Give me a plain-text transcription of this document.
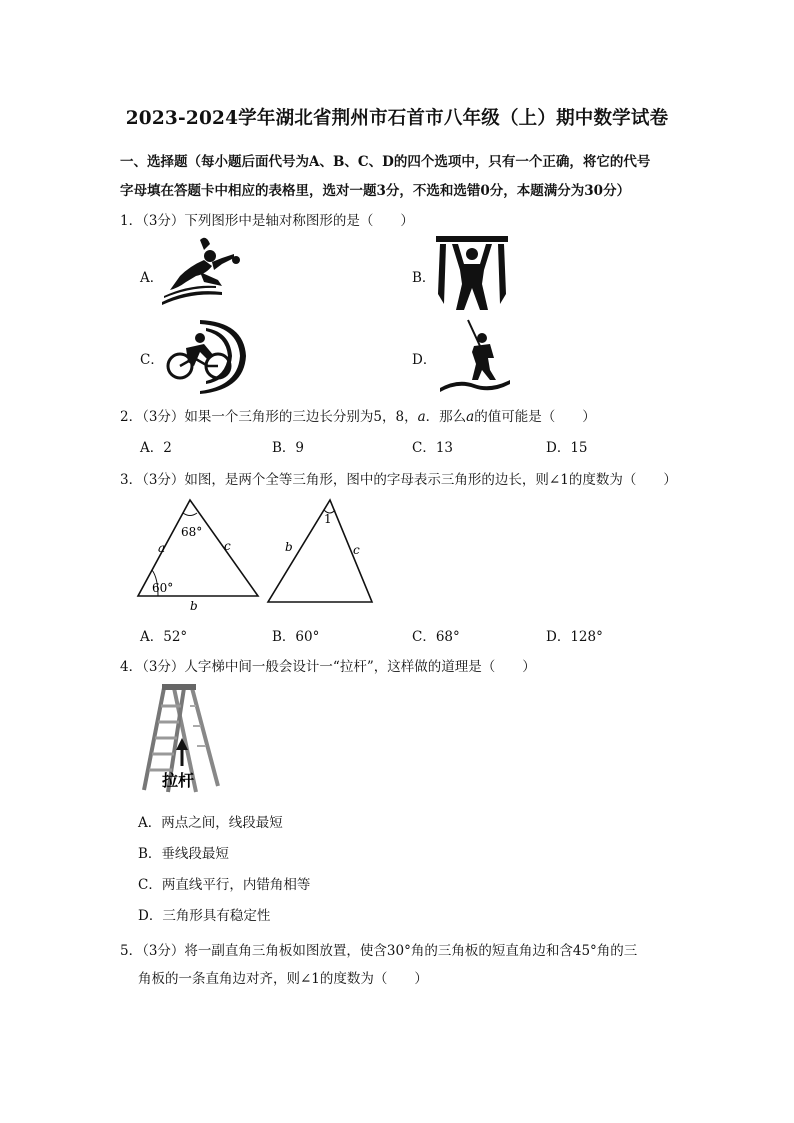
2023-2024学年湖北省荆州市石首市八年级（上）期中数学试卷
一、选择题（每小题后面代号为A、B、C、D的四个选项中，只有一个正确，将它的代号
字母填在答题卡中相应的表格里，选对一题3分，不选和选错0分，本题满分为30分）
1．（3分）下列图形中是轴对称图形的是（　　）
A．	B．
C．	D．
2．（3分）如果一个三角形的三边长分别为5，8，a．那么a的值可能是（　　）
A．2	B．9	C．13	D．15
3．（3分）如图，是两个全等三角形，图中的字母表示三角形的边长，则∠1的度数为（　　）
68°
60°
a	c
b
1
b	c
A．52°	B．60°	C．68°	D．128°
4．（3分）人字梯中间一般会设计一“拉杆”，这样做的道理是（　　）
拉杆
A．两点之间，线段最短
B．垂线段最短
C．两直线平行，内错角相等
D．三角形具有稳定性
5．（3分）将一副直角三角板如图放置，使含30°角的三角板的短直角边和含45°角的三
角板的一条直角边对齐，则∠1的度数为（　　）
